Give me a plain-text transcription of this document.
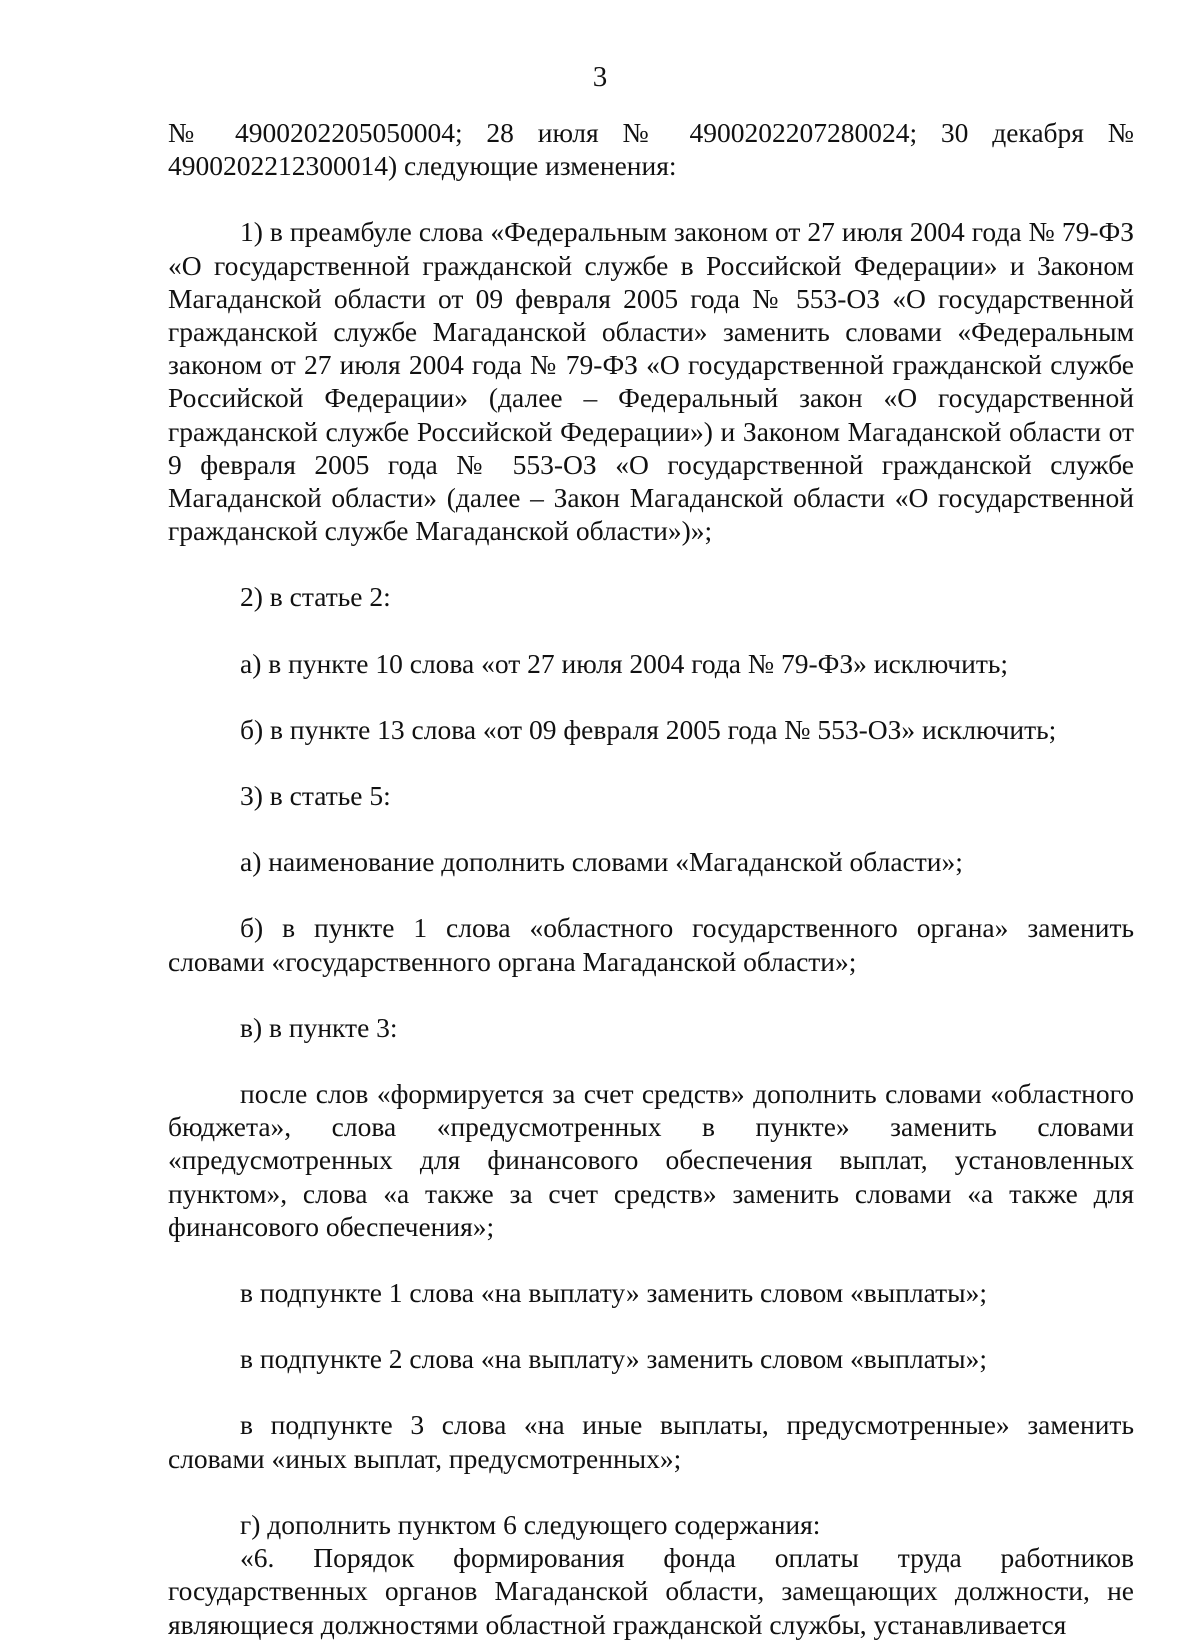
3

№ 4900202205050004; 28 июля № 4900202207280024; 30 декабря № 4900202212300014) следующие изменения:

1) в преамбуле слова «Федеральным законом от 27 июля 2004 года № 79-ФЗ «О государственной гражданской службе в Российской Федерации» и Законом Магаданской области от 09 февраля 2005 года № 553-ОЗ «О государственной гражданской службе Магаданской области» заменить словами «Федеральным законом от 27 июля 2004 года № 79-ФЗ «О государственной гражданской службе Российской Федерации» (далее – Федеральный закон «О государственной гражданской службе Российской Федерации») и Законом Магаданской области от 9 февраля 2005 года № 553-ОЗ «О государственной гражданской службе Магаданской области» (далее – Закон Магаданской области «О государственной гражданской службе Магаданской области»)»;

2) в статье 2:

а) в пункте 10 слова «от 27 июля 2004 года № 79-ФЗ» исключить;

б) в пункте 13 слова «от 09 февраля 2005 года № 553-ОЗ» исключить;

3) в статье 5:

а) наименование дополнить словами «Магаданской области»;

б) в пункте 1 слова «областного государственного органа» заменить словами «государственного органа Магаданской области»;

в) в пункте 3:

после слов «формируется за счет средств» дополнить словами «областного бюджета», слова «предусмотренных в пункте» заменить словами «предусмотренных для финансового обеспечения выплат, установленных пунктом», слова «а также за счет средств» заменить словами «а также для финансового обеспечения»;

в подпункте 1 слова «на выплату» заменить словом «выплаты»;

в подпункте 2 слова «на выплату» заменить словом «выплаты»;

в подпункте 3 слова «на иные выплаты, предусмотренные» заменить словами «иных выплат, предусмотренных»;

г) дополнить пунктом 6 следующего содержания:

«6. Порядок формирования фонда оплаты труда работников государственных органов Магаданской области, замещающих должности, не являющиеся должностями областной гражданской службы, устанавливается
